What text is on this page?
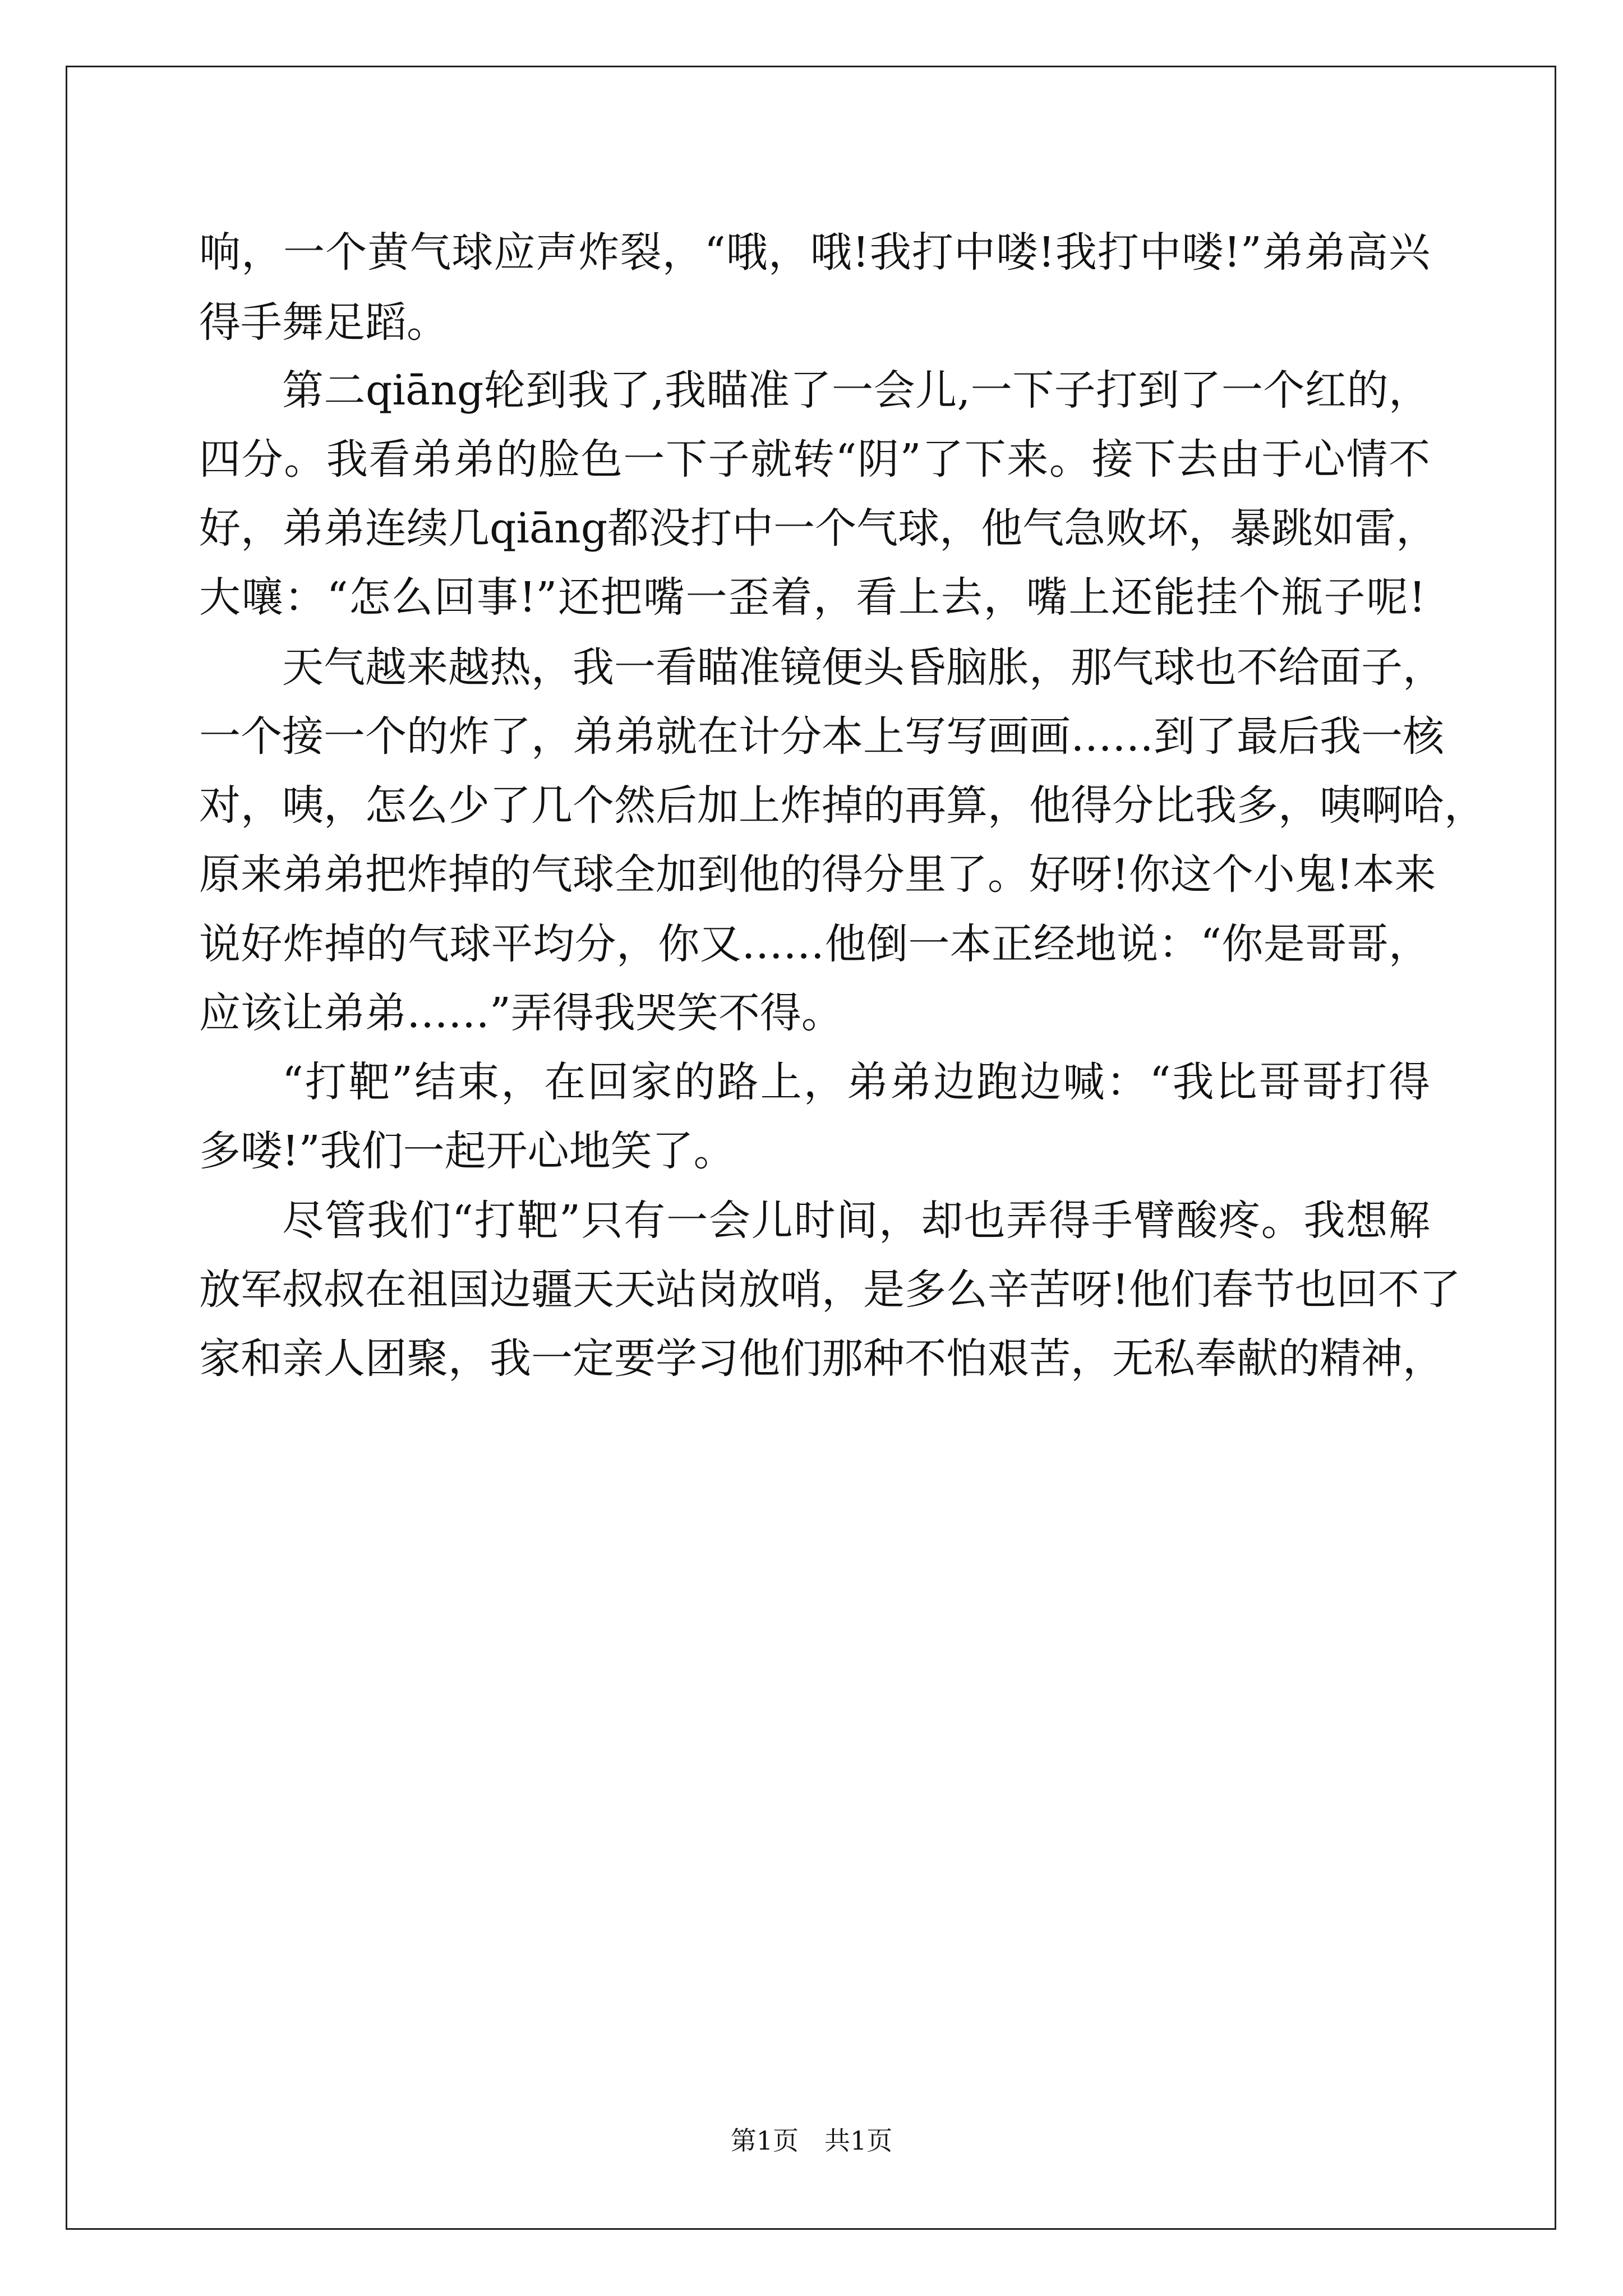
响，一个黄气球应声炸裂，“哦，哦!我打中喽!我打中喽!”弟弟高兴
得手舞足蹈。
第二qiāng轮到我了,我瞄准了一会儿,一下子打到了一个红的，
四分。我看弟弟的脸色一下子就转“阴”了下来。接下去由于心情不
好，弟弟连续几qiāng都没打中一个气球，他气急败坏，暴跳如雷，
大嚷：“怎么回事!”还把嘴一歪着，看上去，嘴上还能挂个瓶子呢!
天气越来越热，我一看瞄准镜便头昏脑胀，那气球也不给面子，
一个接一个的炸了，弟弟就在计分本上写写画画……到了最后我一核
对，咦，怎么少了几个然后加上炸掉的再算，他得分比我多，咦啊哈，
原来弟弟把炸掉的气球全加到他的得分里了。好呀!你这个小鬼!本来
说好炸掉的气球平均分，你又……他倒一本正经地说：“你是哥哥，
应该让弟弟……”弄得我哭笑不得。
“打靶”结束，在回家的路上，弟弟边跑边喊：“我比哥哥打得
多喽!”我们一起开心地笑了。
尽管我们“打靶”只有一会儿时间，却也弄得手臂酸疼。我想解
放军叔叔在祖国边疆天天站岗放哨，是多么辛苦呀!他们春节也回不了
家和亲人团聚，我一定要学习他们那种不怕艰苦，无私奉献的精神，
第1页 共1页
